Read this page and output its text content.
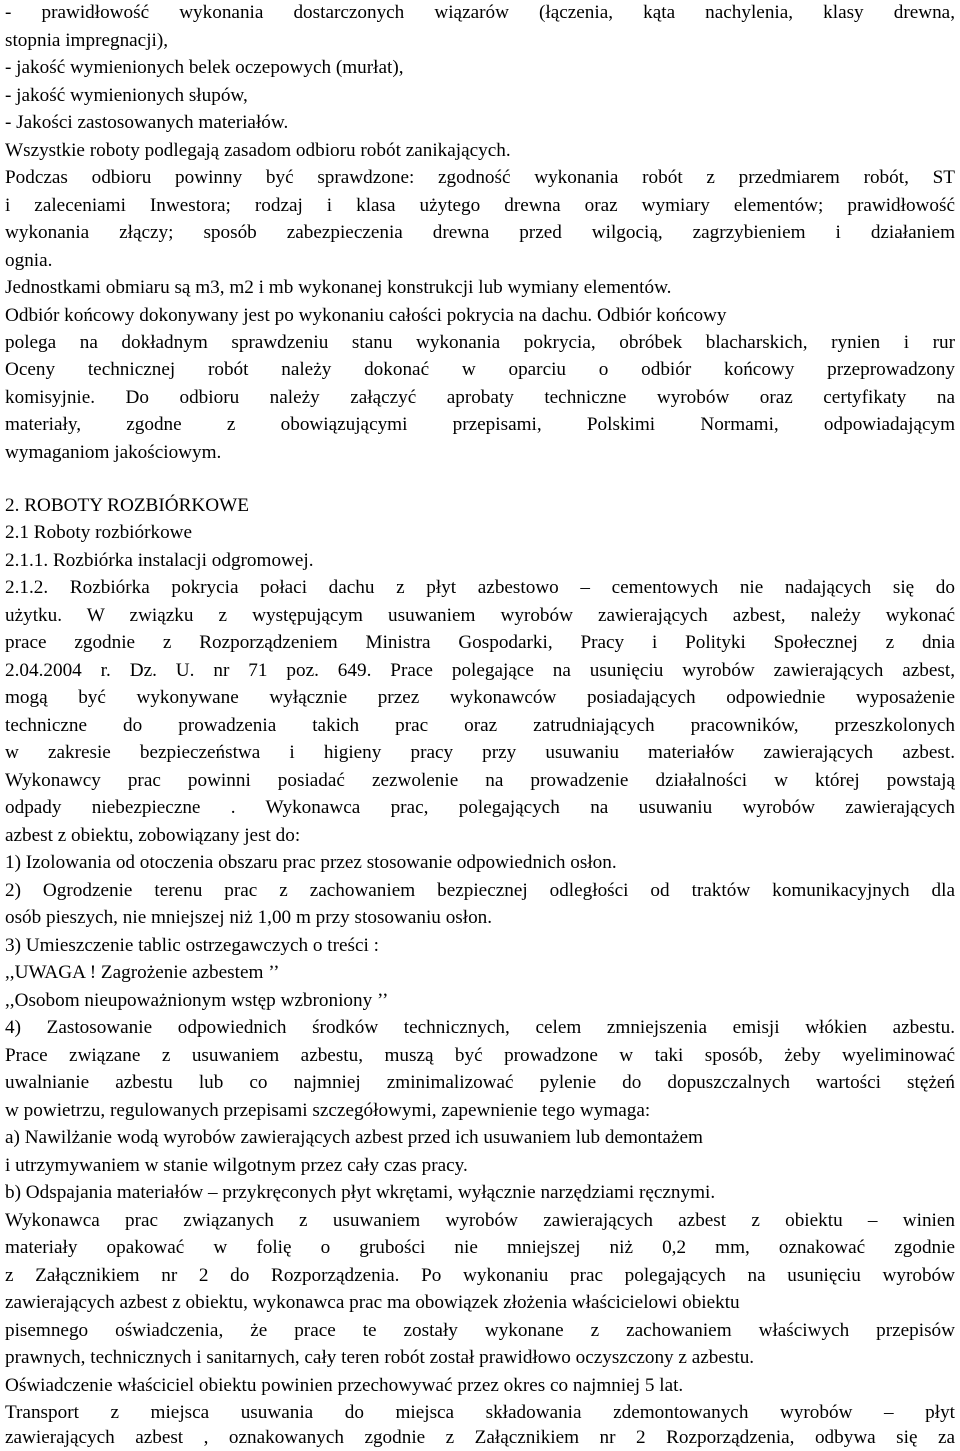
- prawidłowość wykonania dostarczonych wiązarów (łączenia, kąta nachylenia, klasy drewna,
stopnia impregnacji),
- jakość wymienionych belek oczepowych (murłat),
- jakość wymienionych słupów,
- Jakości zastosowanych materiałów.
Wszystkie roboty podlegają zasadom odbioru robót zanikających.
Podczas odbioru powinny być sprawdzone: zgodność wykonania robót z przedmiarem robót, ST
i zaleceniami Inwestora; rodzaj i klasa użytego drewna oraz wymiary elementów; prawidłowość
wykonania złączy; sposób zabezpieczenia drewna przed wilgocią, zagrzybieniem i działaniem
ognia.
Jednostkami obmiaru są m3, m2 i mb wykonanej konstrukcji lub wymiany elementów.
Odbiór końcowy dokonywany jest po wykonaniu całości pokrycia na dachu. Odbiór końcowy
polega na dokładnym sprawdzeniu stanu wykonania pokrycia, obróbek blacharskich, rynien i rur
Oceny technicznej robót należy dokonać w oparciu o odbiór końcowy przeprowadzony
komisyjnie. Do odbioru należy załączyć aprobaty techniczne wyrobów oraz certyfikaty na
materiały, zgodne z obowiązującymi przepisami, Polskimi Normami, odpowiadającym
wymaganiom jakościowym.
2. ROBOTY ROZBIÓRKOWE
2.1 Roboty rozbiórkowe
2.1.1. Rozbiórka instalacji odgromowej.
2.1.2. Rozbiórka pokrycia połaci dachu z płyt azbestowo – cementowych nie nadających się do
użytku. W związku z występującym usuwaniem wyrobów zawierających azbest, należy wykonać
prace zgodnie z Rozporządzeniem Ministra Gospodarki, Pracy i Polityki Społecznej z dnia
2.04.2004 r. Dz. U. nr 71 poz. 649. Prace polegające na usunięciu wyrobów zawierających azbest,
mogą być wykonywane wyłącznie przez wykonawców posiadających odpowiednie wyposażenie
techniczne do prowadzenia takich prac oraz zatrudniających pracowników, przeszkolonych
w zakresie bezpieczeństwa i higieny pracy przy usuwaniu materiałów zawierających azbest.
Wykonawcy prac powinni posiadać zezwolenie na prowadzenie działalności w której powstają
odpady niebezpieczne . Wykonawca prac, polegających na usuwaniu wyrobów zawierających
azbest z obiektu, zobowiązany jest do:
1) Izolowania od otoczenia obszaru prac przez stosowanie odpowiednich osłon.
2) Ogrodzenie terenu prac z zachowaniem bezpiecznej odległości od traktów komunikacyjnych dla
osób pieszych, nie mniejszej niż 1,00 m przy stosowaniu osłon.
3) Umieszczenie tablic ostrzegawczych o treści :
,,UWAGA ! Zagrożenie azbestem ’’
,,Osobom nieupoważnionym wstęp wzbroniony ’’
4) Zastosowanie odpowiednich środków technicznych, celem zmniejszenia emisji włókien azbestu.
Prace związane z usuwaniem azbestu, muszą być prowadzone w taki sposób, żeby wyeliminować
uwalnianie azbestu lub co najmniej zminimalizować pylenie do dopuszczalnych wartości stężeń
w powietrzu, regulowanych przepisami szczegółowymi, zapewnienie tego wymaga:
a) Nawilżanie wodą wyrobów zawierających azbest przed ich usuwaniem lub demontażem
i utrzymywaniem w stanie wilgotnym przez cały czas pracy.
b) Odspajania materiałów – przykręconych płyt wkrętami, wyłącznie narzędziami ręcznymi.
Wykonawca prac związanych z usuwaniem wyrobów zawierających azbest z obiektu – winien
materiały opakować w folię o grubości nie mniejszej niż 0,2 mm, oznakować zgodnie
z Załącznikiem nr 2 do Rozporządzenia. Po wykonaniu prac polegających na usunięciu wyrobów
zawierających azbest z obiektu, wykonawca prac ma obowiązek złożenia właścicielowi obiektu
pisemnego oświadczenia, że prace te zostały wykonane z zachowaniem właściwych przepisów
prawnych, technicznych i sanitarnych, cały teren robót został prawidłowo oczyszczony z azbestu.
Oświadczenie właściciel obiektu powinien przechowywać przez okres co najmniej 5 lat.
Transport z miejsca usuwania do miejsca składowania zdemontowanych wyrobów – płyt
zawierających azbest , oznakowanych zgodnie z Załącznikiem nr 2 Rozporządzenia, odbywa się za
